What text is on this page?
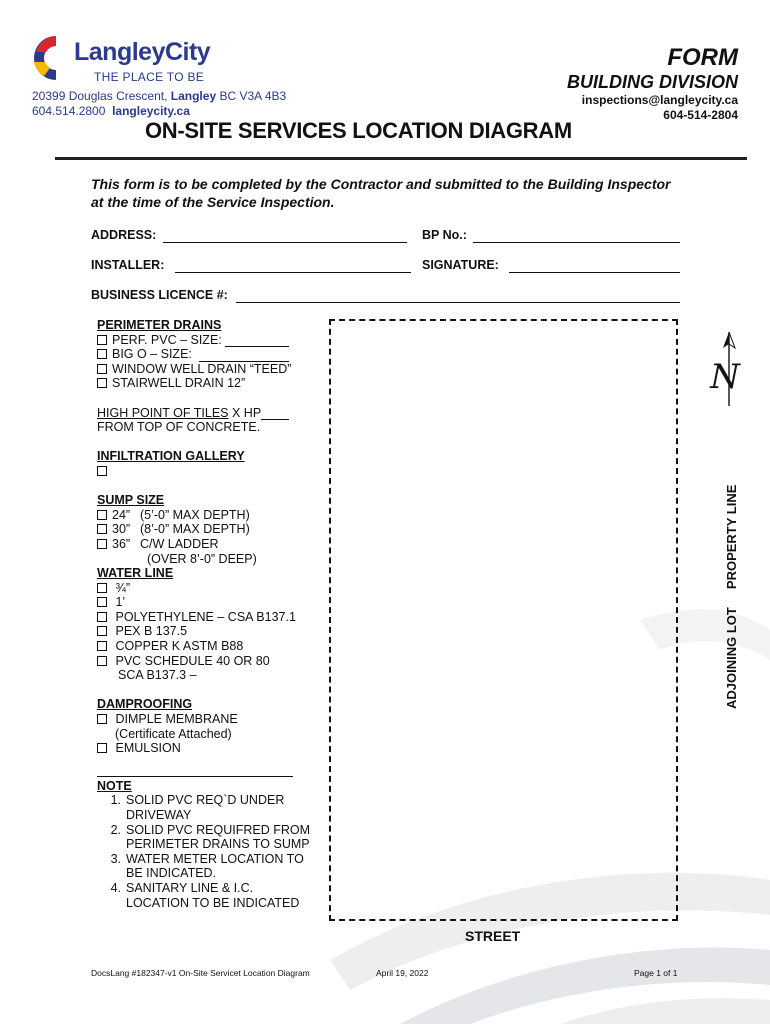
LangleyCity
THE PLACE TO BE
20399 Douglas Crescent, Langley BC V3A 4B3
604.514.2800 langleycity.ca
FORM
BUILDING DIVISION
inspections@langleycity.ca
604-514-2804
ON-SITE SERVICES LOCATION DIAGRAM
This form is to be completed by the Contractor and submitted to the Building Inspector at the time of the Service Inspection.
ADDRESS:	BP No.:
INSTALLER:	SIGNATURE:
BUSINESS LICENCE #:
PERIMETER DRAINS
PERF. PVC – SIZE:
BIG O – SIZE:
WINDOW WELL DRAIN “TEED”
STAIRWELL DRAIN 12”
HIGH POINT OF TILES X HP
FROM TOP OF CONCRETE.
INFILTRATION GALLERY
SUMP SIZE
24” (5’-0” MAX DEPTH)
30” (8’-0” MAX DEPTH)
36” C/W LADDER
(OVER 8’-0” DEEP)
WATER LINE
¾”
1’
POLYETHYLENE – CSA B137.1
PEX B 137.5
COPPER K ASTM B88
PVC SCHEDULE 40 OR 80
SCA B137.3 –
DAMPROOFING
DIMPLE MEMBRANE
(Certificate Attached)
EMULSION
NOTE
1. SOLID PVC REQ`D UNDER
DRIVEWAY
2. SOLID PVC REQUIFRED FROM
PERIMETER DRAINS TO SUMP
3. WATER METER LOCATION TO
BE INDICATED.
4. SANITARY LINE & I.C.
LOCATION TO BE INDICATED
STREET
ADJOINING LOT     PROPERTY LINE
N
DocsLang #182347-v1 On-Site Servicet Location Diagram	April 19, 2022	Page 1 of 1
